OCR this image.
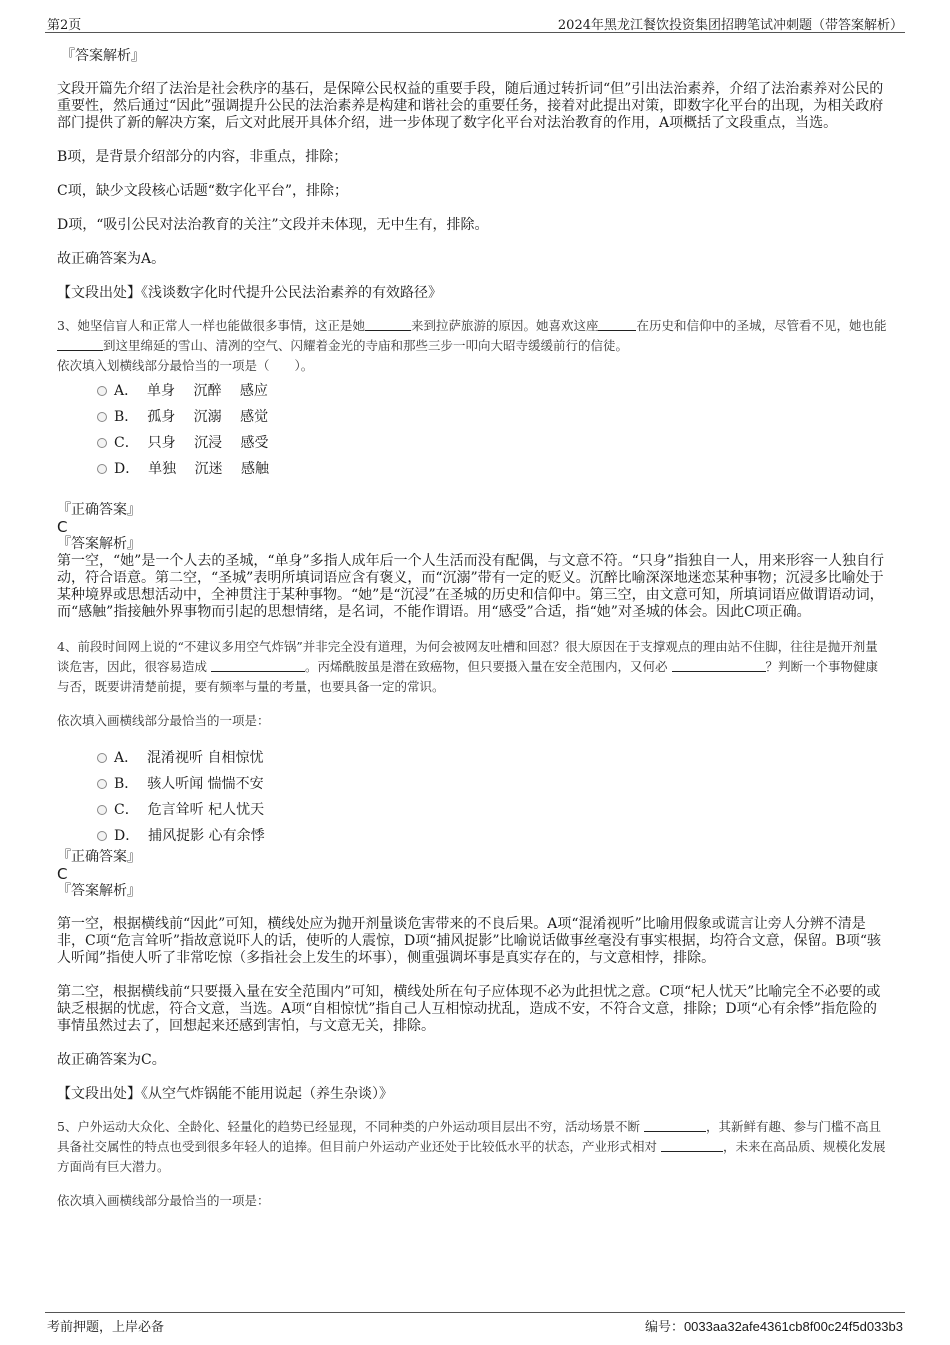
第2页	2024年黑龙江餐饮投资集团招聘笔试冲刺题（带答案解析）

『答案解析』

文段开篇先介绍了法治是社会秩序的基石，是保障公民权益的重要手段，随后通过转折词“但”引出法治素养，介绍了法治素养对公民的重要性，然后通过“因此”强调提升公民的法治素养是构建和谐社会的重要任务，接着对此提出对策，即数字化平台的出现，为相关政府部门提供了新的解决方案，后文对此展开具体介绍，进一步体现了数字化平台对法治教育的作用，A项概括了文段重点，当选。

B项，是背景介绍部分的内容，非重点，排除；

C项，缺少文段核心话题“数字化平台”，排除；

D项，“吸引公民对法治教育的关注”文段并未体现，无中生有，排除。

故正确答案为A。

【文段出处】《浅谈数字化时代提升公民法治素养的有效路径》

3、她坚信盲人和正常人一样也能做很多事情，这正是她	来到拉萨旅游的原因。她喜欢这座	在历史和信仰中的圣城，尽管看不见，她也能到这里绵延的雪山、清冽的空气、闪耀着金光的寺庙和那些三步一叩向大昭寺缓缓前行的信徒。

依次填入划横线部分最恰当的一项是（　　）。

A． 单身　 沉醉　 感应
B． 孤身　 沉溺　 感觉
C． 只身　 沉浸　 感受
D． 单独　 沉迷　 感触

『正确答案』

C

『答案解析』

第一空，“她”是一个人去的圣城，“单身”多指人成年后一个人生活而没有配偶，与文意不符。“只身”指独自一人，用来形容一人独自行动，符合语意。第二空，“圣城”表明所填词语应含有褒义，而“沉溺”带有一定的贬义。沉醉比喻深深地迷恋某种事物；沉浸多比喻处于某种境界或思想活动中，全神贯注于某种事物。“她”是“沉浸”在圣城的历史和信仰中。第三空，由文意可知，所填词语应做谓语动词，而“感触”指接触外界事物而引起的思想情绪，是名词，不能作谓语。用“感受”合适，指“她”对圣城的体会。因此C项正确。

4、前段时间网上说的“不建议多用空气炸锅”并非完全没有道理，为何会被网友吐槽和回怼？很大原因在于支撑观点的理由站不住脚，往往是抛开剂量谈危害，因此，很容易造成	。丙烯酰胺虽是潜在致癌物，但只要摄入量在安全范围内，又何必	？判断一个事物健康与否，既要讲清楚前提，要有频率与量的考量，也要具备一定的常识。

依次填入画横线部分最恰当的一项是：

A． 混淆视听 自相惊忧
B． 骇人听闻 惴惴不安
C． 危言耸听 杞人忧天
D． 捕风捉影 心有余悸

『正确答案』

C

『答案解析』

第一空，根据横线前“因此”可知，横线处应为抛开剂量谈危害带来的不良后果。A项“混淆视听”比喻用假象或谎言让旁人分辨不清是非，C项“危言耸听”指故意说吓人的话，使听的人震惊，D项“捕风捉影”比喻说话做事丝毫没有事实根据，均符合文意，保留。B项“骇人听闻”指使人听了非常吃惊（多指社会上发生的坏事），侧重强调坏事是真实存在的，与文意相悖，排除。

第二空，根据横线前“只要摄入量在安全范围内”可知，横线处所在句子应体现不必为此担忧之意。C项“杞人忧天”比喻完全不必要的或缺乏根据的忧虑，符合文意，当选。A项“自相惊忧”指自己人互相惊动扰乱，造成不安，不符合文意，排除；D项“心有余悸”指危险的事情虽然过去了，回想起来还感到害怕，与文意无关，排除。

故正确答案为C。

【文段出处】《从空气炸锅能不能用说起（养生杂谈）》

5、户外运动大众化、全龄化、轻量化的趋势已经显现，不同种类的户外运动项目层出不穷，活动场景不断	，其新鲜有趣、参与门槛不高且具备社交属性的特点也受到很多年轻人的追捧。但目前户外运动产业还处于比较低水平的状态，产业形式相对	，未来在高品质、规模化发展方面尚有巨大潜力。

依次填入画横线部分最恰当的一项是：

考前押题，上岸必备	编号：0033aa32afe4361cb8f00c24f5d033b3
